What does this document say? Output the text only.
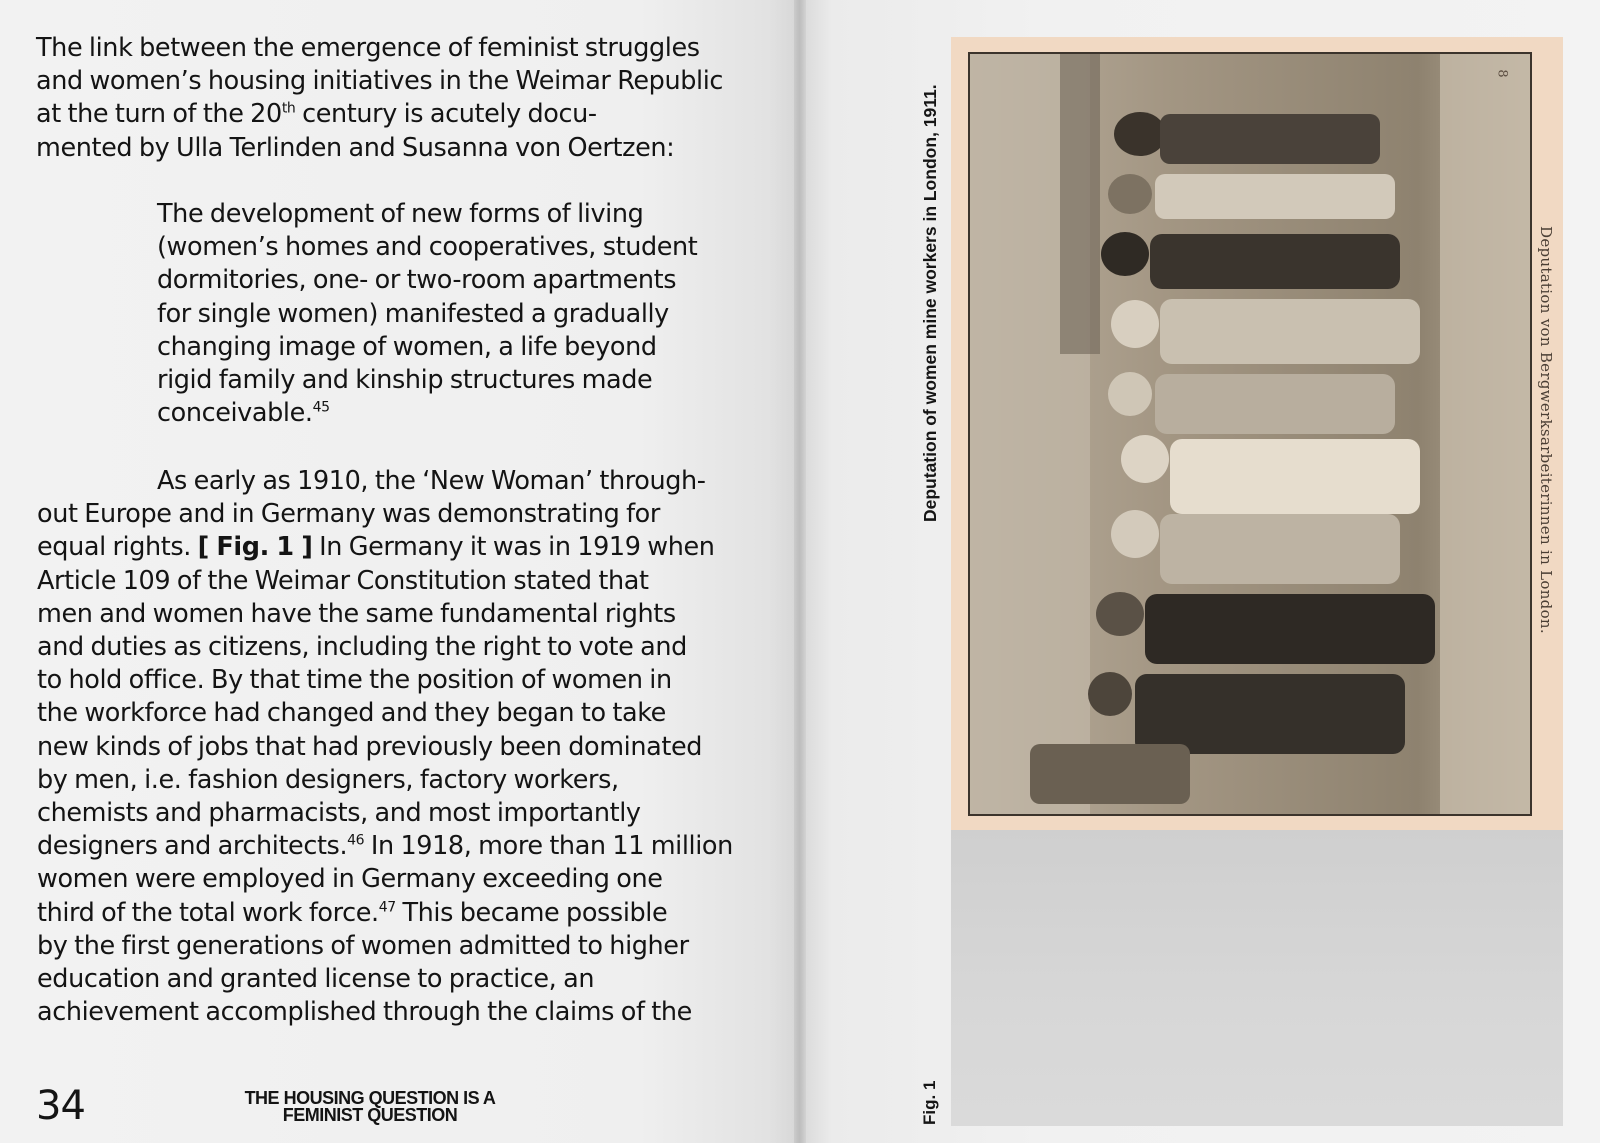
The link between the emergence of feminist struggles
and women’s housing initiatives in the Weimar Republic
at the turn of the 20th century is acutely docu-
mented by Ulla Terlinden and Susanna von Oertzen:
The development of new forms of living
(women’s homes and cooperatives, student
dormitories, one- or two-room apartments
for single women) manifested a gradually
changing image of women, a life beyond
rigid family and kinship structures made
conceivable.$^{45}$
As early as 1910, the ‘New Woman’ through-
out Europe and in Germany was demonstrating for
equal rights. [ Fig. 1 ] In Germany it was in 1919 when
Article 109 of the Weimar Constitution stated that
men and women have the same fundamental rights
and duties as citizens, including the right to vote and
to hold office. By that time the position of women in
the workforce had changed and they began to take
new kinds of jobs that had previously been dominated
by men, i.e. fashion designers, factory workers,
chemists and pharmacists, and most importantly
designers and architects.$^{46}$ In 1918, more than 11 million
women were employed in Germany exceeding one
third of the total work force.$^{47}$ This became possible
by the first generations of women admitted to higher
education and granted license to practice, an
achievement accomplished through the claims of the
34	THE HOUSING QUESTION IS A
FEMINIST QUESTION
Deputation of women mine workers in London, 1911.
Fig. 1
8
Deputation von Bergwerksarbeiterinnen in London.
